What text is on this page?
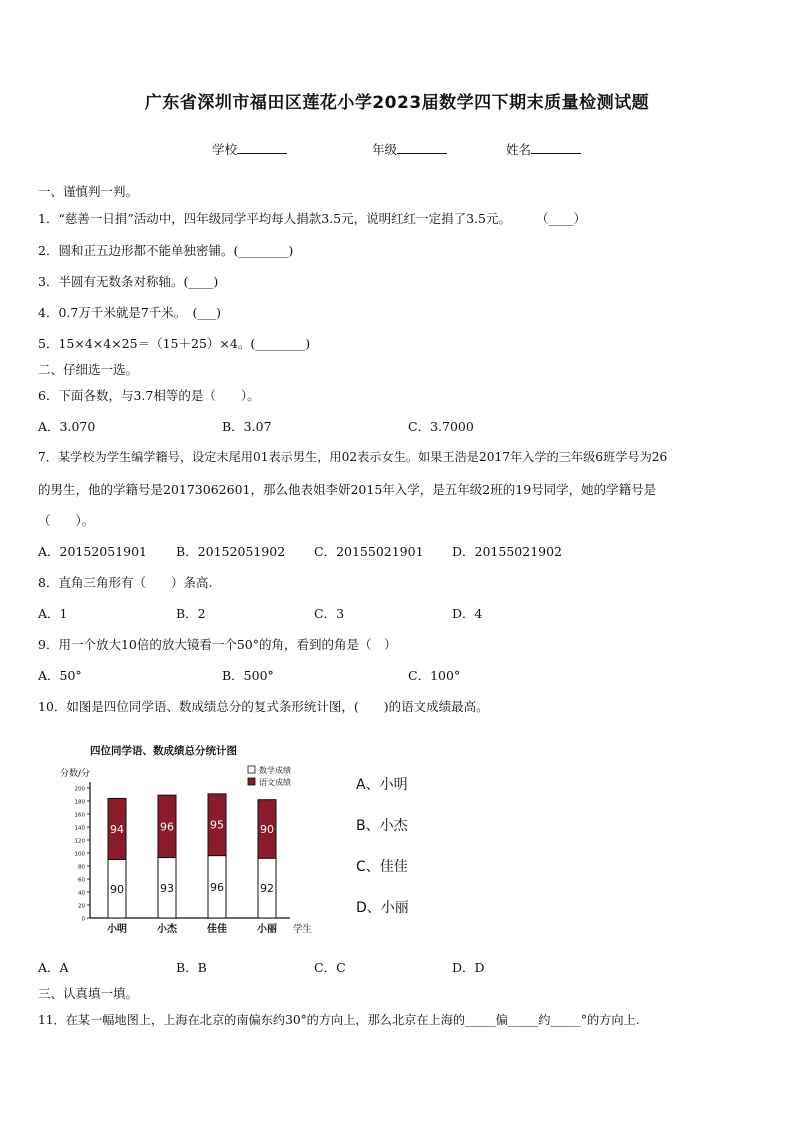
广东省深圳市福田区莲花小学2023届数学四下期末质量检测试题
学校	年级	姓名
一、谨慎判一判。
1．“慈善一日捐”活动中，四年级同学平均每人捐款3.5元，说明红红一定捐了3.5元。　　　（____）
2．圆和正五边形都不能单独密铺。(________)
3．半圆有无数条对称轴。(____)
4．0.7万千米就是7千米。　(___)
5．15×4×4×25＝（15＋25）×4。(________)
二、仔细选一选。
6．下面各数，与3.7相等的是（　　）。
A．3.070	B．3.07	C．3.7000
7．某学校为学生编学籍号，设定末尾用01表示男生，用02表示女生。如果王浩是2017年入学的三年级6班学号为26
的男生，他的学籍号是20173062601，那么他表姐李妍2015年入学，是五年级2班的19号同学，她的学籍号是
（　　）。
A．20152051901 B．20152051902 C．20155021901 D．20155021902
8．直角三角形有（　　）条高.
A．1	B．2	C．3	D．4
9．用一个放大10倍的放大镜看一个50°的角，看到的角是（　）
A．50°	B．500°	C．100°
10．如图是四位同学语、数成绩总分的复式条形统计图，(　　)的语文成绩最高。
四位同学语、数成绩总分统计图
分数/分
学生
0
20
40
60
80
100
120
140
160
180
200
数学成绩
语文成绩
90
94
小明
93
96
小杰
96
95
佳佳
92
90
小丽
A、小明
B、小杰
C、佳佳
D、小丽
A．A	B．B	C．C	D．D
三、认真填一填。
11．在某一幅地图上，上海在北京的南偏东约30°的方向上，那么北京在上海的_____偏_____约_____°的方向上.
